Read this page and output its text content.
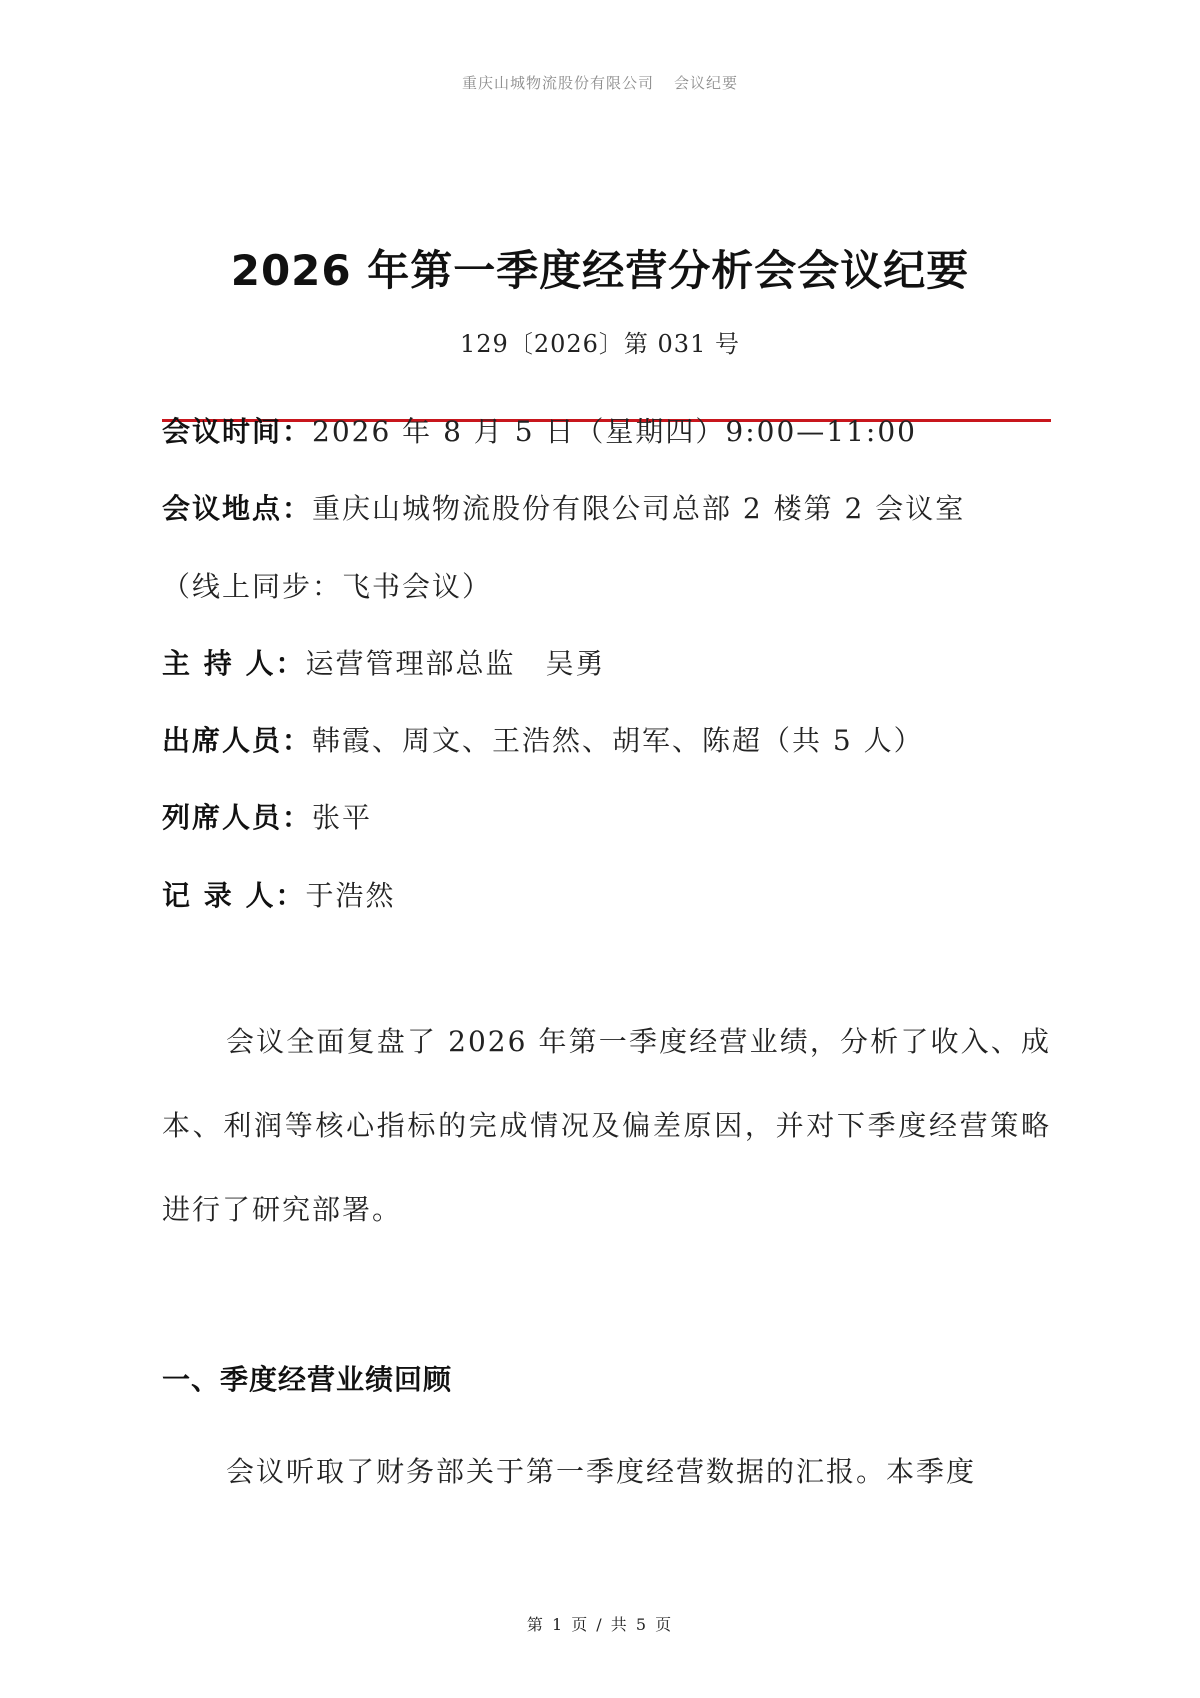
重庆山城物流股份有限公司 会议纪要
2026 年第一季度经营分析会会议纪要
129〔2026〕第 031 号
会议时间：2026 年 8 月 5 日（星期四）9:00—11:00
会议地点：重庆山城物流股份有限公司总部 2 楼第 2 会议室
（线上同步：飞书会议）
主 持 人：运营管理部总监　吴勇
出席人员：韩霞、周文、王浩然、胡军、陈超（共 5 人）
列席人员：张平
记 录 人：于浩然

会议全面复盘了 2026 年第一季度经营业绩，分析了收入、成本、利润等核心指标的完成情况及偏差原因，并对下季度经营策略进行了研究部署。

一、季度经营业绩回顾

会议听取了财务部关于第一季度经营数据的汇报。本季度

第 1 页 / 共 5 页
